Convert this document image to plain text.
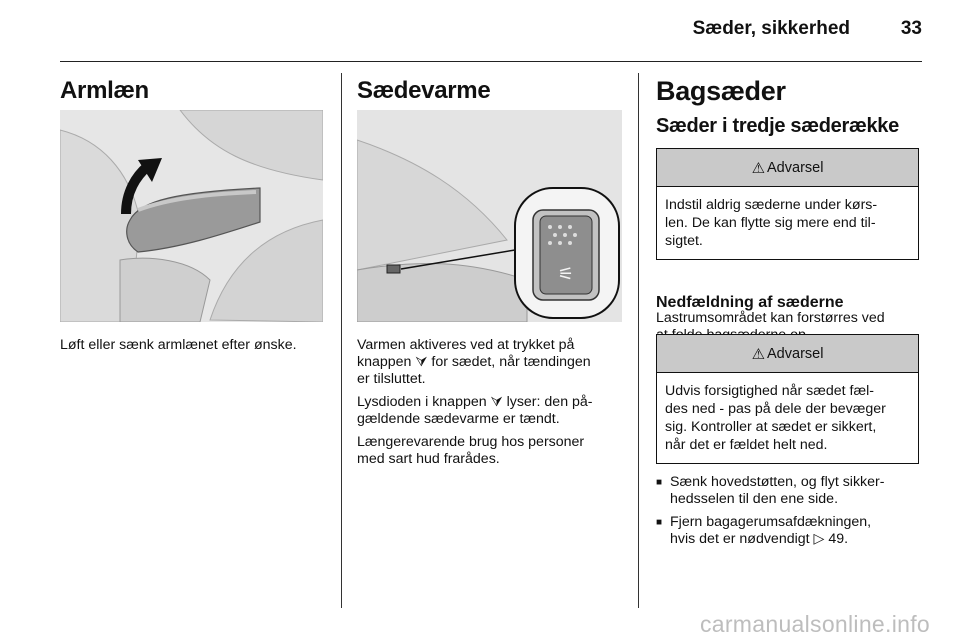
Sæder, sikkerhed	33
Armlæn

Løft eller sænk armlænet efter ønske.

Sædevarme
⚟

Varmen aktiveres ved at trykket på
knappen ⮛ for sædet, når tændingen
er tilsluttet.

Lysdioden i knappen ⮛ lyser: den på-
gældende sædevarme er tændt.

Længerevarende brug hos personer
med sart hud frarådes.

Bagsæder
Sæder i tredje sæderække
⚠ Advarsel
Indstil aldrig sæderne under kørs-
len. De kan flytte sig mere end til-
sigtet.
Nedfældning af sæderne

Lastrumsområdet kan forstørres ved

⚠ Advarsel
Udvis forsigtighed når sædet fæl-
des ned - pas på dele der bevæger
sig. Kontroller at sædet er sikkert,
når det er fældet helt ned.
■ Sænk hovedstøtten, og flyt sikker-
hedsselen til den ene side.
■ Fjern bagagerumsafdækningen,
hvis det er nødvendigt ▷ 49.
carmanualsonline.info
